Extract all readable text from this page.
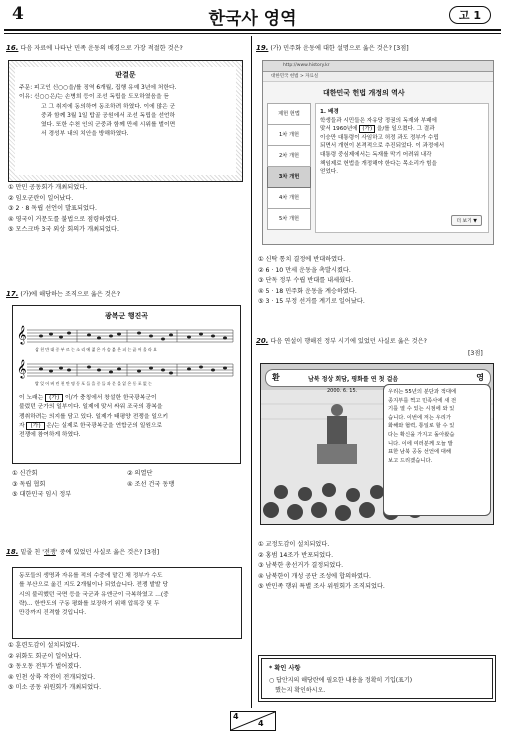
4	한국사 영역	고 1
16. 다음 자료에 나타난 민족 운동의 배경으로 가장 적절한 것은?
판결문
주문: 피고인 신○○을/를 징역 6개월, 집행 유예 3년에 처한다.
이유: 신○○은/는 손병희 등이 조선 독립을 도모하였음을 듣
고 그 취지에 동의하여 동조하려 하였다. 이에 많은 군
중과 함께 3월 1일 탑골 공원에서 조선 독립을 선언하
였다. 또한 수천 인의 군중과 함께 만세 시위를 벌이면
서 경성부 내의 치안을 방해하였다.
① 만민 공동회가 개최되었다.
② 임오군란이 일어났다.
③ 2 · 8 독립 선언이 발표되었다.
④ 영국이 거문도를 불법으로 점령하였다.
⑤ 모스크바 3국 외상 회의가 개최되었다.
17. (가)에 해당하는 조직으로 옳은 것은?
광복군 행진곡
𝄞
𝄞
삼 천 만 대 중 부 르 는 소 리 에 젊 은 가 슴 붉 은 피 는 끓 어 올 라 요
밥 잊 어 버 린 천 만 명 동 포 들 을 중 들 과 문 을 잃 은 동 포 없 는
이 노래는 (가) 이/가 충칭에서 창설한 한국광복군이
불렀던 군가의 일부이다. 일제에 맞서 싸워 조국의 광복을
쟁취하려는 의지를 담고 있다. 일제가 태평양 전쟁을 일으키
자 (가) 은/는 실제로 한국광복군을 연합군의 일원으로
전쟁에 참여하게 하였다.
① 신간회
③ 독립 협회
⑤ 대한민국 임시 정부
② 의열단
④ 조선 건국 동맹
18. 밑줄 친 '전쟁' 중에 있었던 사실로 옳은 것은? [3점]
동포들의 생명과 자유를 적의 수중에 맡긴 채 정부가 수도
를 부산으로 옮긴 지도 2개월이나 되었습니다. 전쟁 발발 당
시의 불리했던 국면 등을 국군과 유엔군이 극복하였고 …(중
략)… 한반도의 구동 평화를 보장하기 위해 압록강 및 두
만강까지 진격할 것입니다.
① 훈련도감이 설치되었다.
② 위화도 회군이 일어났다.
③ 동오동 전투가 벌어졌다.
④ 인천 상륙 작전이 전개되었다.
⑤ 미소 공동 위원회가 개최되었다.
19. (가) 민주화 운동에 대한 설명으로 옳은 것은? [3점]
http://www.history.kr
대한민국 헌법 > 자료실
대한민국 헌법 개정의 역사
제헌 헌법
1차 개헌
2차 개헌
3차 개헌
4차 개헌
5차 개헌
1. 배경
학생들과 시민들은 자유당 정권의 독재와 부패에
맞서 1960년에 (가) 을/를 일으켰다. 그 결과
이승만 대통령이 사임하고 허정 과도 정부가 수립
되면서 개헌이 본격적으로 추진되었다. 이 과정에서
대통령 중심제에서는 독재를 막기 어려워 내각
책임제로 헌법을 개정해야 한다는 목소리가 힘을
얻었다.
더 보기 ▼
① 신탁 통치 결정에 반대하였다.
② 6 · 10 만세 운동을 촉발시켰다.
③ 단독 정부 수립 반대를 내세웠다.
④ 5 · 18 민주화 운동을 계승하였다.
⑤ 3 · 15 부정 선거를 계기로 일어났다.
20. 다음 연설이 행해진 정부 시기에 있었던 사실로 옳은 것은?
[3점]
환	남북 정상 회담, 평화를 연 첫 걸음	영
2000. 6. 15.	우리는 55년의 분단과 적대에
종지부를 찍고 민족사에 새 전
기를 열 수 있는 시점에 와 있
습니다. 이번에 저는 우리가
화해와 협력, 통일로 할 수 있
다는 확신을 가지고 돌아왔습
니다. 이에 여러분께 오늘 발
표한 남북 공동 선언에 대해
보고 드리겠습니다.
① 교정도감이 설치되었다.
② 홍범 14조가 반포되었다.
③ 남북한 총선거가 결정되었다.
④ 남북한이 개성 공단 조성에 합의하였다.
⑤ 반민족 행위 특별 조사 위원회가 조직되었다.
* 확인 사항
○ 답안지의 해당란에 필요한 내용을 정확히 기입(표기)
했는지 확인하시오.
4
4
